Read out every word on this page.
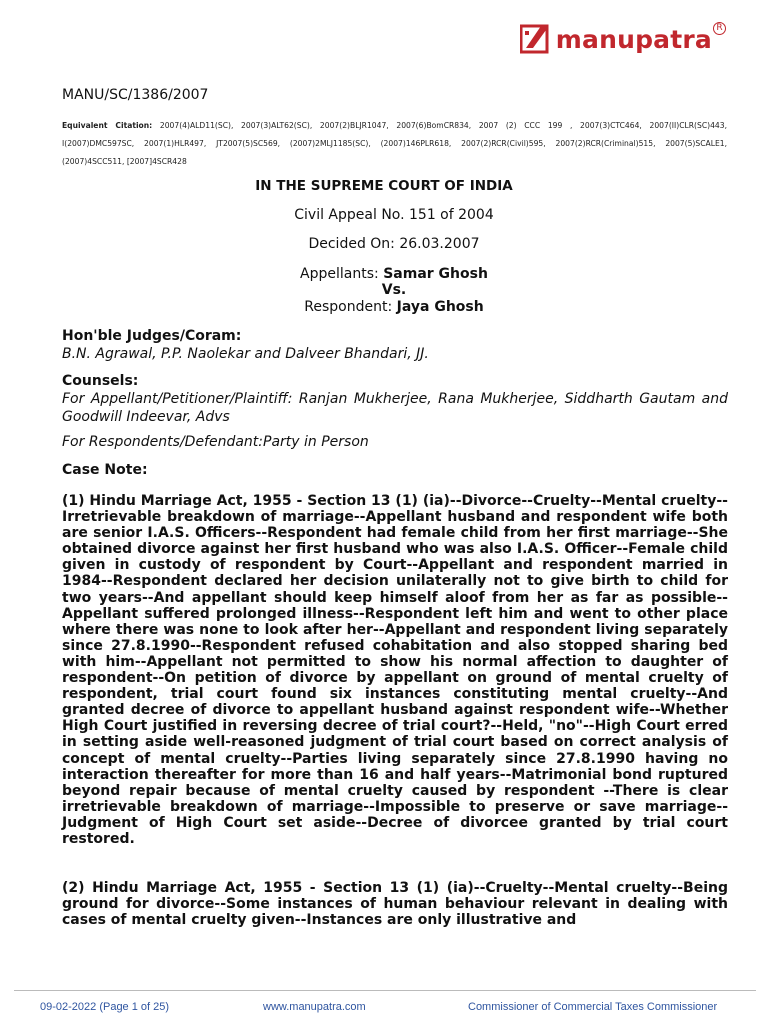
manupatra R
MANU/SC/1386/2007
Equivalent Citation: 2007(4)ALD11(SC), 2007(3)ALT62(SC), 2007(2)BLJR1047, 2007(6)BomCR834, 2007 (2) CCC 199 , 2007(3)CTC464, 2007(II)CLR(SC)443, I(2007)DMC597SC, 2007(1)HLR497, JT2007(5)SC569, (2007)2MLJ1185(SC), (2007)146PLR618, 2007(2)RCR(Civil)595, 2007(2)RCR(Criminal)515, 2007(5)SCALE1, (2007)4SCC511, [2007]4SCR428
IN THE SUPREME COURT OF INDIA
Civil Appeal No. 151 of 2004
Decided On: 26.03.2007
Appellants: Samar Ghosh
Vs.
Respondent: Jaya Ghosh
Hon'ble Judges/Coram:
B.N. Agrawal, P.P. Naolekar and Dalveer Bhandari, JJ.
Counsels:
For Appellant/Petitioner/Plaintiff: Ranjan Mukherjee, Rana Mukherjee, Siddharth Gautam and Goodwill Indeevar, Advs
For Respondents/Defendant:Party in Person
Case Note:
(1) Hindu Marriage Act, 1955 - Section 13 (1) (ia)--Divorce--Cruelty--Mental cruelty--Irretrievable breakdown of marriage--Appellant husband and respondent wife both are senior I.A.S. Officers--Respondent had female child from her first marriage--She obtained divorce against her first husband who was also I.A.S. Officer--Female child given in custody of respondent by Court--Appellant and respondent married in 1984--Respondent declared her decision unilaterally not to give birth to child for two years--And appellant should keep himself aloof from her as far as possible--Appellant suffered prolonged illness--Respondent left him and went to other place where there was none to look after her--Appellant and respondent living separately since 27.8.1990--Respondent refused cohabitation and also stopped sharing bed with him--Appellant not permitted to show his normal affection to daughter of respondent--On petition of divorce by appellant on ground of mental cruelty of respondent, trial court found six instances constituting mental cruelty--And granted decree of divorce to appellant husband against respondent wife--Whether High Court justified in reversing decree of trial court?--Held, "no"--High Court erred in setting aside well-reasoned judgment of trial court based on correct analysis of concept of mental cruelty--Parties living separately since 27.8.1990 having no interaction thereafter for more than 16 and half years--Matrimonial bond ruptured beyond repair because of mental cruelty caused by respondent --There is clear irretrievable breakdown of marriage--Impossible to preserve or save marriage--Judgment of High Court set aside--Decree of divorcee granted by trial court restored.
(2) Hindu Marriage Act, 1955 - Section 13 (1) (ia)--Cruelty--Mental cruelty--Being ground for divorce--Some instances of human behaviour relevant in dealing with cases of mental cruelty given--Instances are only illustrative and
09-02-2022 (Page 1 of 25)	www.manupatra.com	Commissioner of Commercial Taxes Commissioner
